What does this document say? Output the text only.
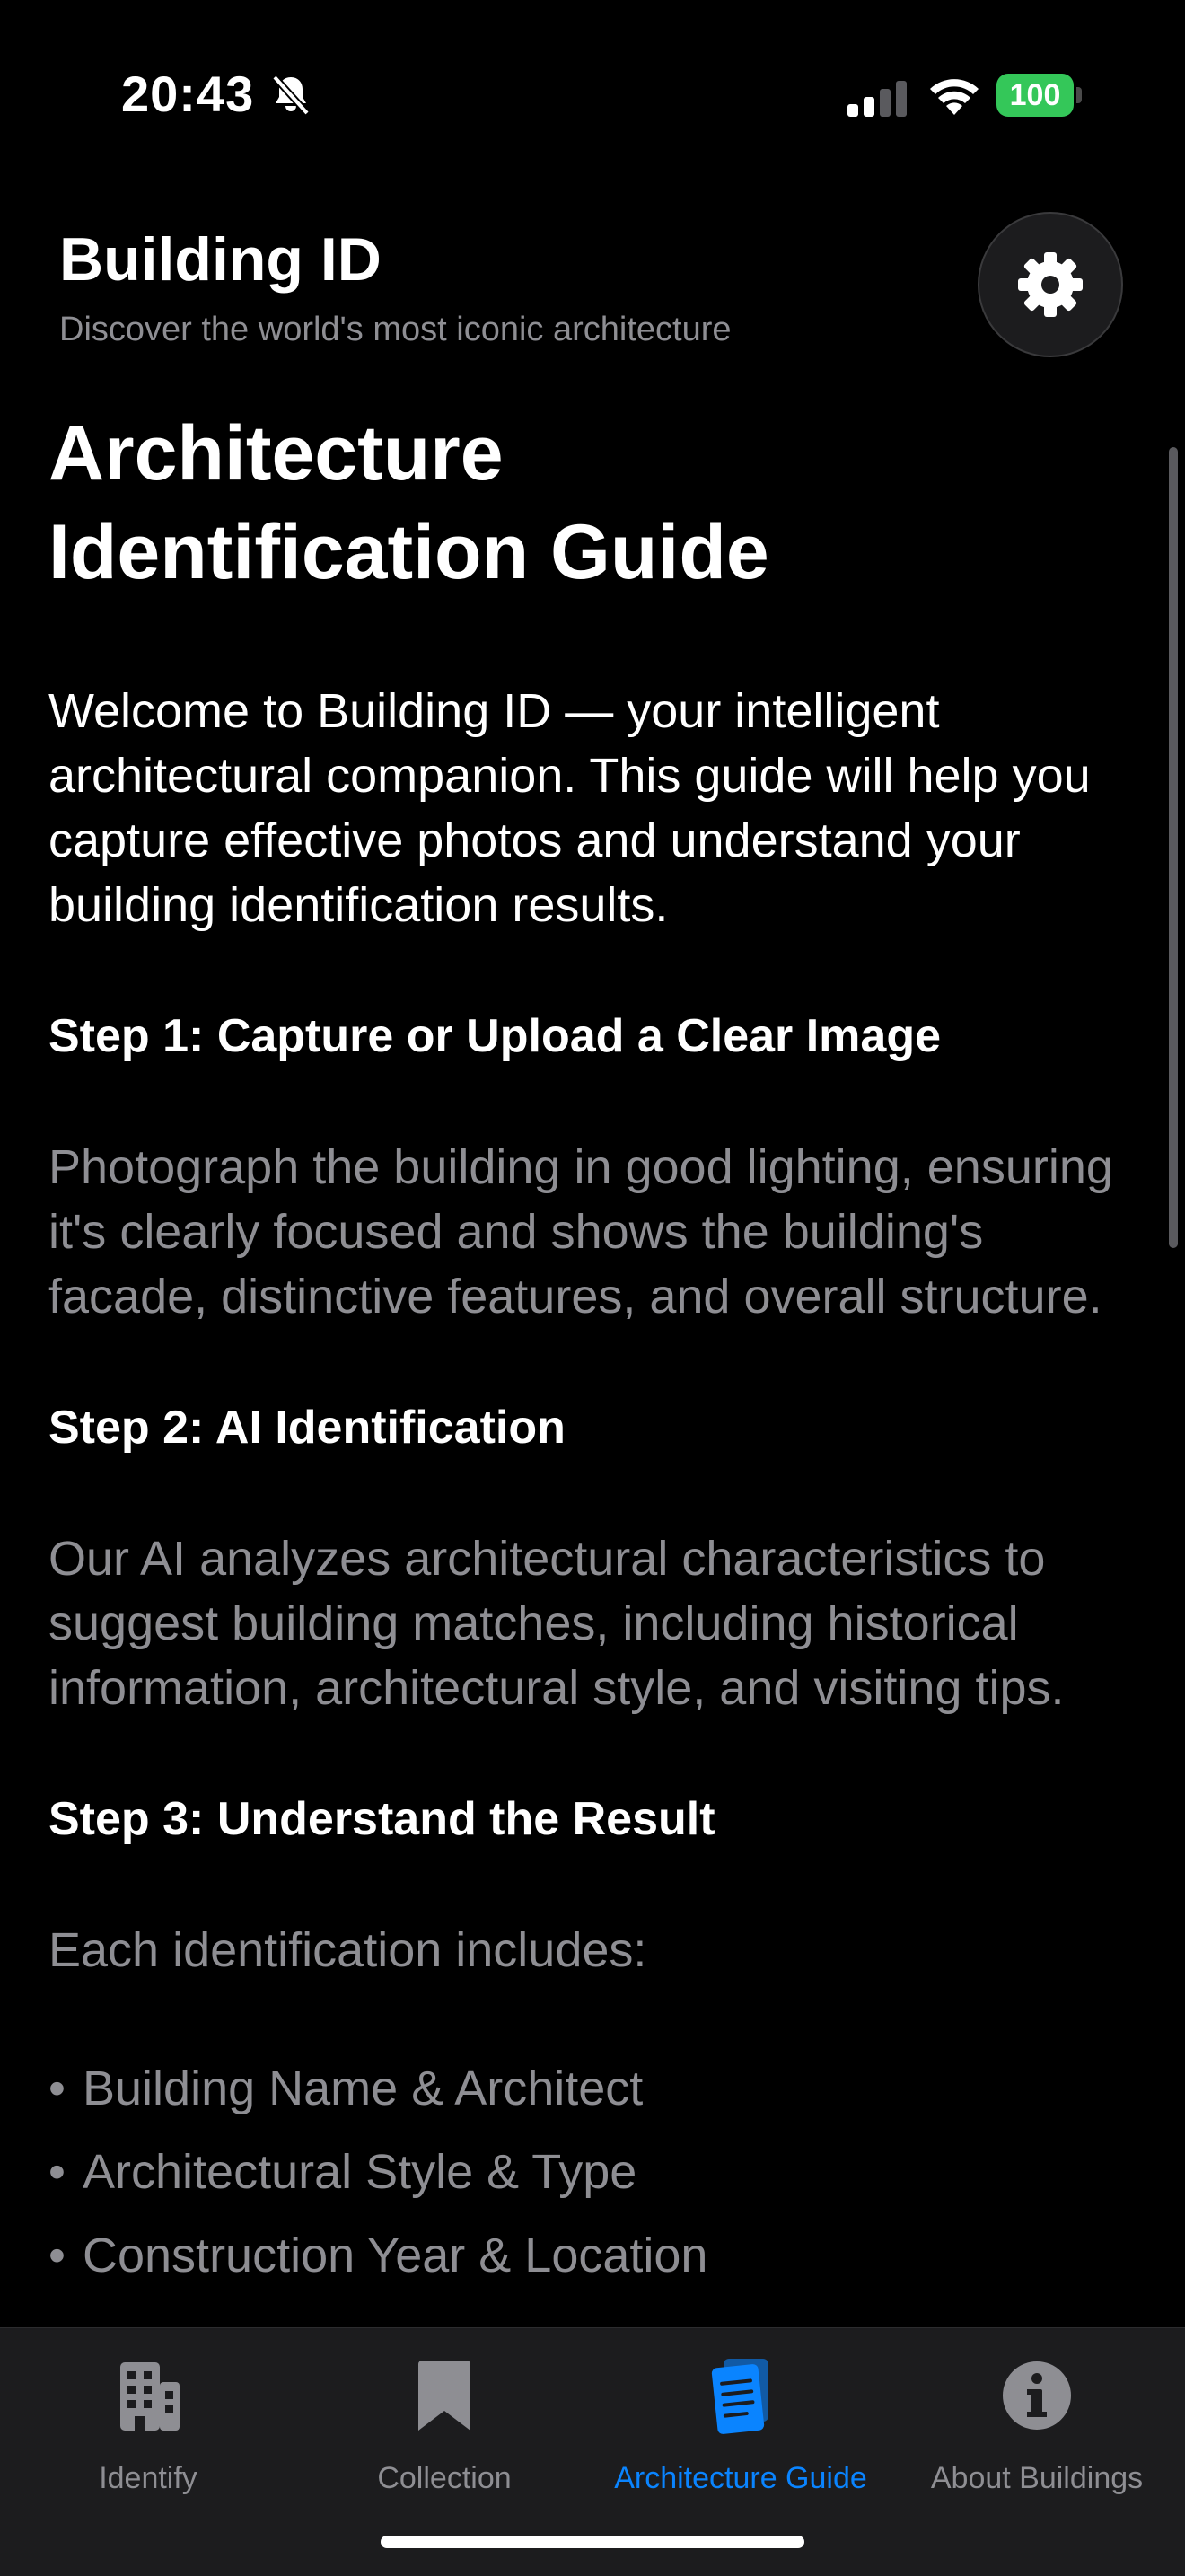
20:43	100
Building ID
Discover the world's most iconic architecture
Architecture Identification Guide

Welcome to Building ID — your intelligent architectural companion. This guide will help you capture effective photos and understand your building identification results.

Step 1: Capture or Upload a Clear Image

Photograph the building in good lighting, ensuring it's clearly focused and shows the building's facade, distinctive features, and overall structure.

Step 2: AI Identification

Our AI analyzes architectural characteristics to suggest building matches, including historical information, architectural style, and visiting tips.

Step 3: Understand the Result

Each identification includes:

• Building Name & Architect
• Architectural Style & Type
• Construction Year & Location
Identify	Collection	Architecture Guide	About Buildings
